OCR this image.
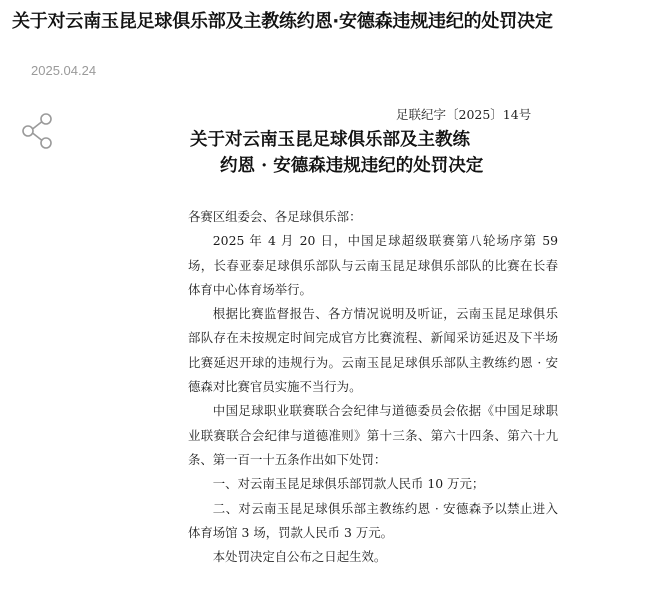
关于对云南玉昆足球俱乐部及主教练约恩·安德森违规违纪的处罚决定
2025.04.24
足联纪字〔2025〕14号
关于对云南玉昆足球俱乐部及主教练
约恩 · 安德森违规违纪的处罚决定

各赛区组委会、各足球俱乐部：

2025 年 4 月 20 日，中国足球超级联赛第八轮场序第 59 场，长春亚泰足球俱乐部队与云南玉昆足球俱乐部队的比赛在长春体育中心体育场举行。

根据比赛监督报告、各方情况说明及听证，云南玉昆足球俱乐部队存在未按规定时间完成官方比赛流程、新闻采访延迟及下半场比赛延迟开球的违规行为。云南玉昆足球俱乐部队主教练约恩 · 安德森对比赛官员实施不当行为。

中国足球职业联赛联合会纪律与道德委员会依据《中国足球职业联赛联合会纪律与道德准则》第十三条、第六十四条、第六十九条、第一百一十五条作出如下处罚：

一、对云南玉昆足球俱乐部罚款人民币 10 万元；

二、对云南玉昆足球俱乐部主教练约恩 · 安德森予以禁止进入体育场馆 3 场，罚款人民币 3 万元。

本处罚决定自公布之日起生效。
